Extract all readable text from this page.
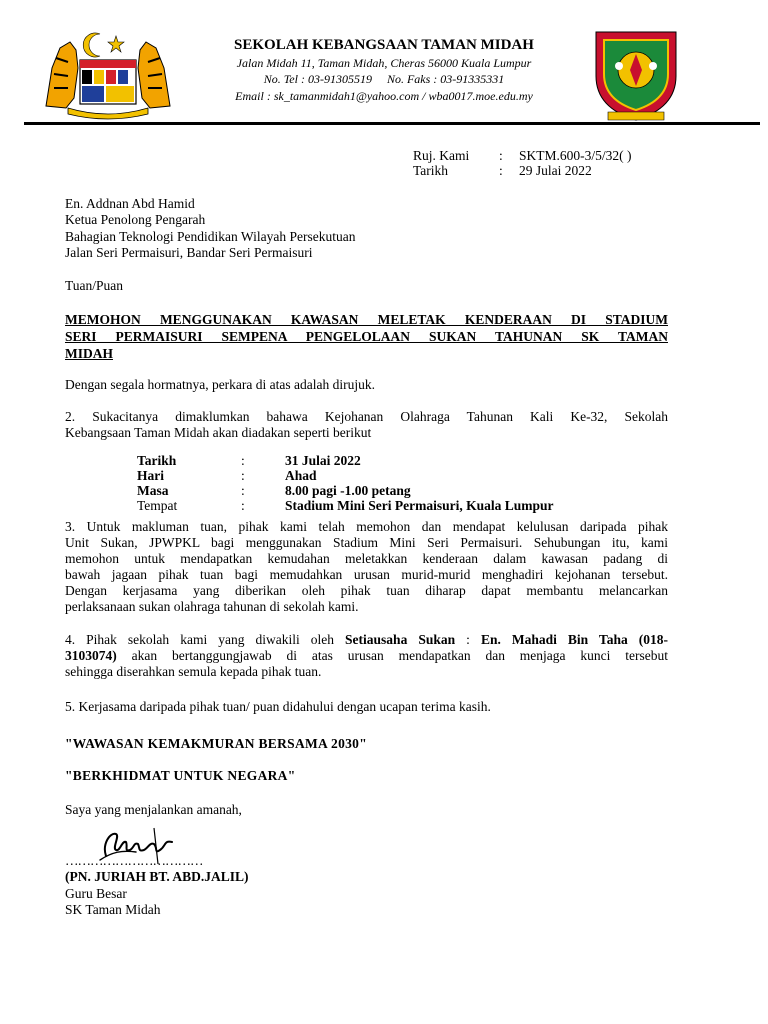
SEKOLAH KEBANGSAAN TAMAN MIDAH
Jalan Midah 11, Taman Midah, Cheras 56000 Kuala Lumpur
No. Tel : 03-91305519 No. Faks : 03-91335331
Email : sk_tamanmidah1@yahoo.com / wba0017.moe.edu.my
Ruj. Kami : SKTM.600-3/5/32( )
Tarikh	: 29 Julai 2022
En. Addnan Abd Hamid
Ketua Penolong Pengarah
Bahagian Teknologi Pendidikan Wilayah Persekutuan
Jalan Seri Permaisuri, Bandar Seri Permaisuri
Tuan/Puan
MEMOHON MENGGUNAKAN KAWASAN MELETAK KENDERAAN DI STADIUM
SERI PERMAISURI SEMPENA PENGELOLAAN SUKAN TAHUNAN SK TAMAN
MIDAH
Dengan segala hormatnya, perkara di atas adalah dirujuk.
2. Sukacitanya dimaklumkan bahawa Kejohanan Olahraga Tahunan Kali Ke-32, Sekolah
Kebangsaan Taman Midah akan diadakan seperti berikut
Tarikh	:	31 Julai 2022
Hari	:	Ahad
Masa	:	8.00 pagi -1.00 petang
Tempat	:	Stadium Mini Seri Permaisuri, Kuala Lumpur
3. Untuk makluman tuan, pihak kami telah memohon dan mendapat kelulusan daripada pihak
Unit Sukan, JPWPKL bagi menggunakan Stadium Mini Seri Permaisuri. Sehubungan itu, kami
memohon untuk mendapatkan kemudahan meletakkan kenderaan dalam kawasan padang di
bawah jagaan pihak tuan bagi memudahkan urusan murid-murid menghadiri kejohanan tersebut.
Dengan kerjasama yang diberikan oleh pihak tuan diharap dapat membantu melancarkan
perlaksanaan sukan olahraga tahunan di sekolah kami.
4. Pihak sekolah kami yang diwakili oleh Setiausaha Sukan : En. Mahadi Bin Taha (018-
3103074) akan bertanggungjawab di atas urusan mendapatkan dan menjaga kunci tersebut
sehingga diserahkan semula kepada pihak tuan.
5. Kerjasama daripada pihak tuan/ puan didahului dengan ucapan terima kasih.
"WAWASAN KEMAKMURAN BERSAMA 2030"
"BERKHIDMAT UNTUK NEGARA"
Saya yang menjalankan amanah,
……………………………
(PN. JURIAH BT. ABD.JALIL)
Guru Besar
SK Taman Midah
